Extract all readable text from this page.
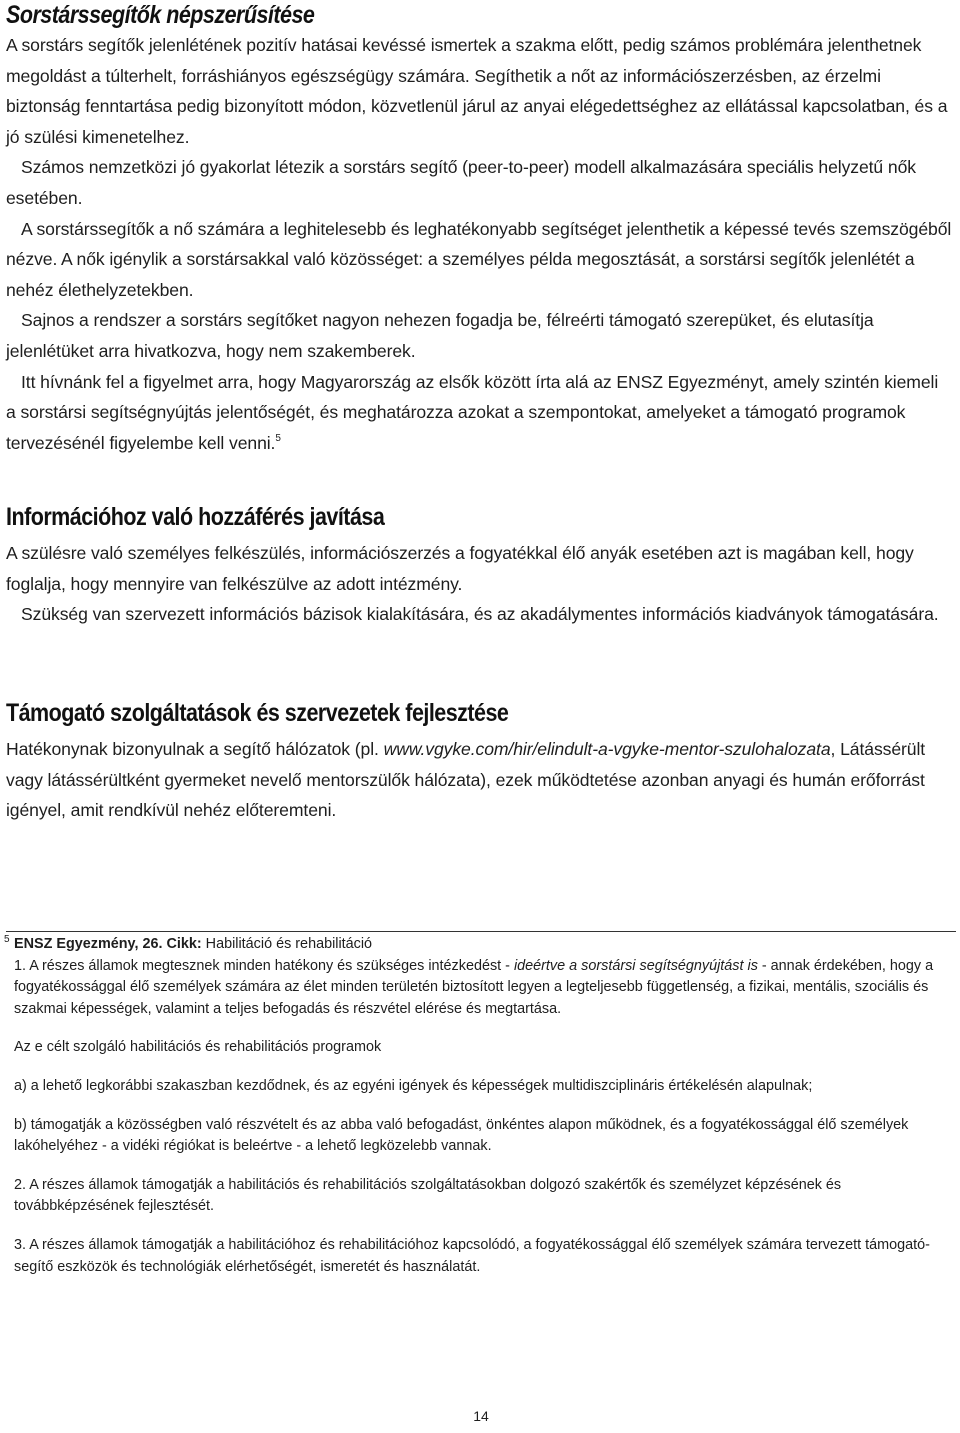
Sorstárssegítők népszerűsítése

A sorstárs segítők jelenlétének pozitív hatásai kevéssé ismertek a szakma előtt, pedig számos problémára jelenthetnek megoldást a túlterhelt, forráshiányos egészségügy számára. Segíthetik a nőt az információszerzésben, az érzelmi biztonság fenntartása pedig bizonyított módon, közvetlenül járul az anyai elégedettséghez az ellátással kapcsolatban, és a jó szülési kimenetelhez.

Számos nemzetközi jó gyakorlat létezik a sorstárs segítő (peer-to-peer) modell alkalmazására speciális helyzetű nők esetében.

A sorstárssegítők a nő számára a leghitelesebb és leghatékonyabb segítséget jelenthetik a képessé tevés szemszögéből nézve. A nők igénylik a sorstársakkal való közösséget: a személyes példa megosztását, a sorstársi segítők jelenlétét a nehéz élethelyzetekben.

Sajnos a rendszer a sorstárs segítőket nagyon nehezen fogadja be, félreérti támogató szerepüket, és elutasítja jelenlétüket arra hivatkozva, hogy nem szakemberek.

Itt hívnánk fel a figyelmet arra, hogy Magyarország az elsők között írta alá az ENSZ Egyezményt, amely szintén kiemeli a sorstársi segítségnyújtás jelentőségét, és meghatározza azokat a szempontokat, amelyeket a támogató programok tervezésénél figyelembe kell venni.$^5$

Információhoz való hozzáférés javítása

A szülésre való személyes felkészülés, információszerzés a fogyatékkal élő anyák esetében azt is magában kell, hogy foglalja, hogy mennyire van felkészülve az adott intézmény.

Szükség van szervezett információs bázisok kialakítására, és az akadálymentes információs kiadványok támogatására.

Támogató szolgáltatások és szervezetek fejlesztése

Hatékonynak bizonyulnak a segítő hálózatok (pl. www.vgyke.com/hir/elindult-a-vgyke-mentor-szulohalozata, Látássérült vagy látássérültként gyermeket nevelő mentorszülők hálózata), ezek működtetése azonban anyagi és humán erőforrást igényel, amit rendkívül nehéz előteremteni.

5 ENSZ Egyezmény, 26. Cikk: Habilitáció és rehabilitáció

1. A részes államok megtesznek minden hatékony és szükséges intézkedést - ideértve a sorstársi segítségnyújtást is - annak érdekében, hogy a fogyatékossággal élő személyek számára az élet minden területén biztosított legyen a legteljesebb függetlenség, a fizikai, mentális, szociális és szakmai képességek, valamint a teljes befogadás és részvétel elérése és megtartása.

Az e célt szolgáló habilitációs és rehabilitációs programok

a) a lehető legkorábbi szakaszban kezdődnek, és az egyéni igények és képességek multidiszciplináris értékelésén alapulnak;

b) támogatják a közösségben való részvételt és az abba való befogadást, önkéntes alapon működnek, és a fogyatékossággal élő személyek lakóhelyéhez - a vidéki régiókat is beleértve - a lehető legközelebb vannak.

2. A részes államok támogatják a habilitációs és rehabilitációs szolgáltatásokban dolgozó szakértők és személyzet képzésének és továbbképzésének fejlesztését.

3. A részes államok támogatják a habilitációhoz és rehabilitációhoz kapcsolódó, a fogyatékossággal élő személyek számára tervezett támogató-segítő eszközök és technológiák elérhetőségét, ismeretét és használatát.

14
